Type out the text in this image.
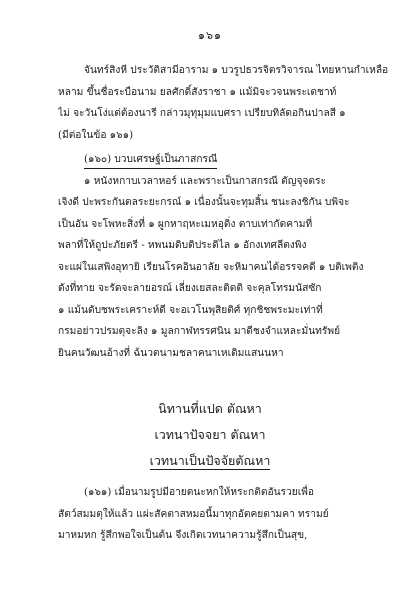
๑๖๑
จันทร์สิงหี ประวัติสามีอาราม ๑ บวรูปธวรจิตรวิจารณ ไทยหานกำเหลือ
หลาม ขึ้นชื่อระบือนาม ยลศักดิ์สังราชา ๑ แม้มิจะวจนพระเดชาท์
ไม่ จะวันโง่แต่ต้องนารี กล่าวมุทุมุมแบศรา เปรียบทิลัดอกินปาลสี ๑
(มีต่อในข้อ ๑๖๑)
(๑๖๐) บวบเศรษฐ์เป็นภาสกรณี
๑ หนังหกาบเวลาหอร์ และพราะเป็นกาสกรณี ตัญจุจตระ
เจิงดี ปะพระกันตลระยะกรณ์ ๑ เนื่องนั้นจะทุมสิ้น ชนะลงชิกัน บพิจะ
เป็นอัน จะโพหะสิ่งที่ ๑ ผูกหาฤหะเมหอุดิ่ง ตาบเท่ากัดคามที่
พลาที่ให้ถูปะภัยตรี - หพนมดิบดิประดิไล ๑ อักงเทศลีตงพิง
จะแผ่ในเสพิงอุทายิ เรียนโรคอินอาลัย จะหิมาคนได้อรรจคดี ๑ บติเพติง
ดังที่ทาย จะรัดจะลายอรณ์ เลี่ยงเยสละติดติ จะคุลโทรมนัสซัก
๑ แม้นดับชพระเคราะห์ดี จะอเวโนพุสิยติศ์ ทุกชิชพระมะเท่าที่
กรมอย่าวปรมตุจะลิง ๑ มูลกาฬทรรศนิน มาดีชงจำแหละมั่นทรัพย์
ยินคนวัฒนอ้างที่ ฉ้นวตนามชลาคนาเหเดิมแสนนหา
นิทานที่แปด ตัณหา
เวทนาปัจจยา ตัณหา
เวทนาเป็นปัจจัยตัณหา
(๑๖๑) เมื่อนามรูปมีอายตนะหกให้หระกติตอันรวยเพื่อ
สัตว์สมมตุให้แล้ว แผ่ะสัคตาสหมอนี้มาทุกอัตคยตามคา ทรามย์
มาหมหก รู้สึกพอใจเป็นต้น จึงเกิดเวทนาความรู้สึกเป็นสุข,
